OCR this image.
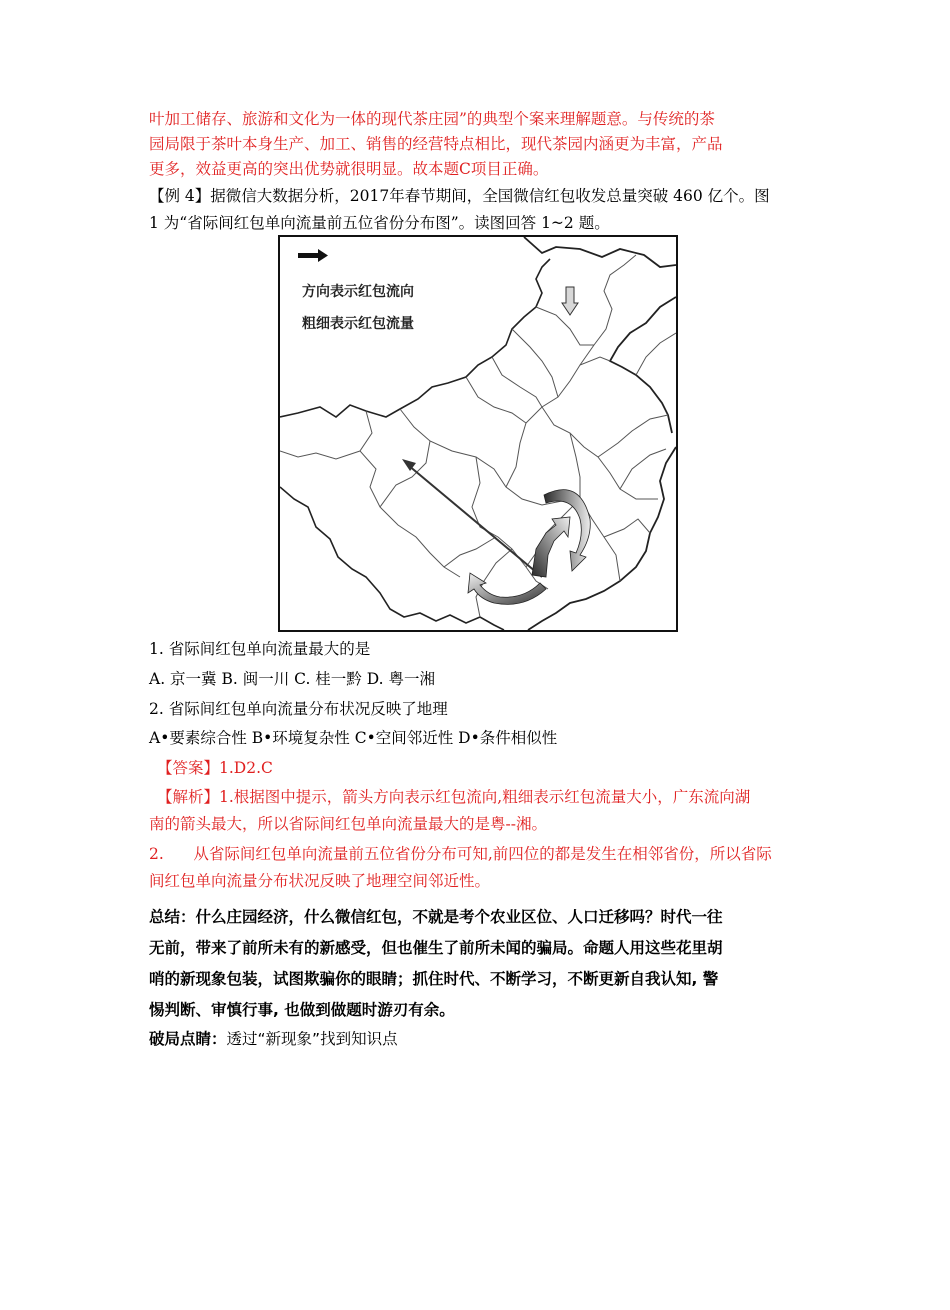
叶加工储存、旅游和文化为一体的现代茶庄园”的典型个案来理解题意。与传统的茶
园局限于茶叶本身生产、加工、销售的经营特点相比，现代茶园内涵更为丰富，产品
更多，效益更高的突出优势就很明显。故本题C项目正确。
【例 4】据微信大数据分析，2017年春节期间，全国微信红包收发总量突破 460 亿个。图
1 为“省际间红包单向流量前五位省份分布图”。读图回答 1~2 题。
方向表示红包流向
粗细表示红包流量
1. 省际间红包单向流量最大的是
A. 京一冀 B. 闽一川 C. 桂一黔 D. 粤一湘
2. 省际间红包单向流量分布状况反映了地理
A•要素综合性 B•环境复杂性 C•空间邻近性 D•条件相似性
【答案】1.D2.C
【解析】1.根据图中提示，箭头方向表示红包流向,粗细表示红包流量大小，广东流向湖
南的箭头最大，所以省际间红包单向流量最大的是粤--湘。
2.      从省际间红包单向流量前五位省份分布可知,前四位的都是发生在相邻省份，所以省际
间红包单向流量分布状况反映了地理空间邻近性。
总结：什么庄园经济，什么微信红包，不就是考个农业区位、人口迁移吗？时代一往
无前，带来了前所未有的新感受，但也催生了前所未闻的骗局。命题人用这些花里胡
哨的新现象包装，试图欺骗你的眼睛；抓住时代、不断学习，不断更新自我认知, 警
惕判断、审慎行事, 也做到做题时游刃有余。
破局点睛：透过“新现象”找到知识点
